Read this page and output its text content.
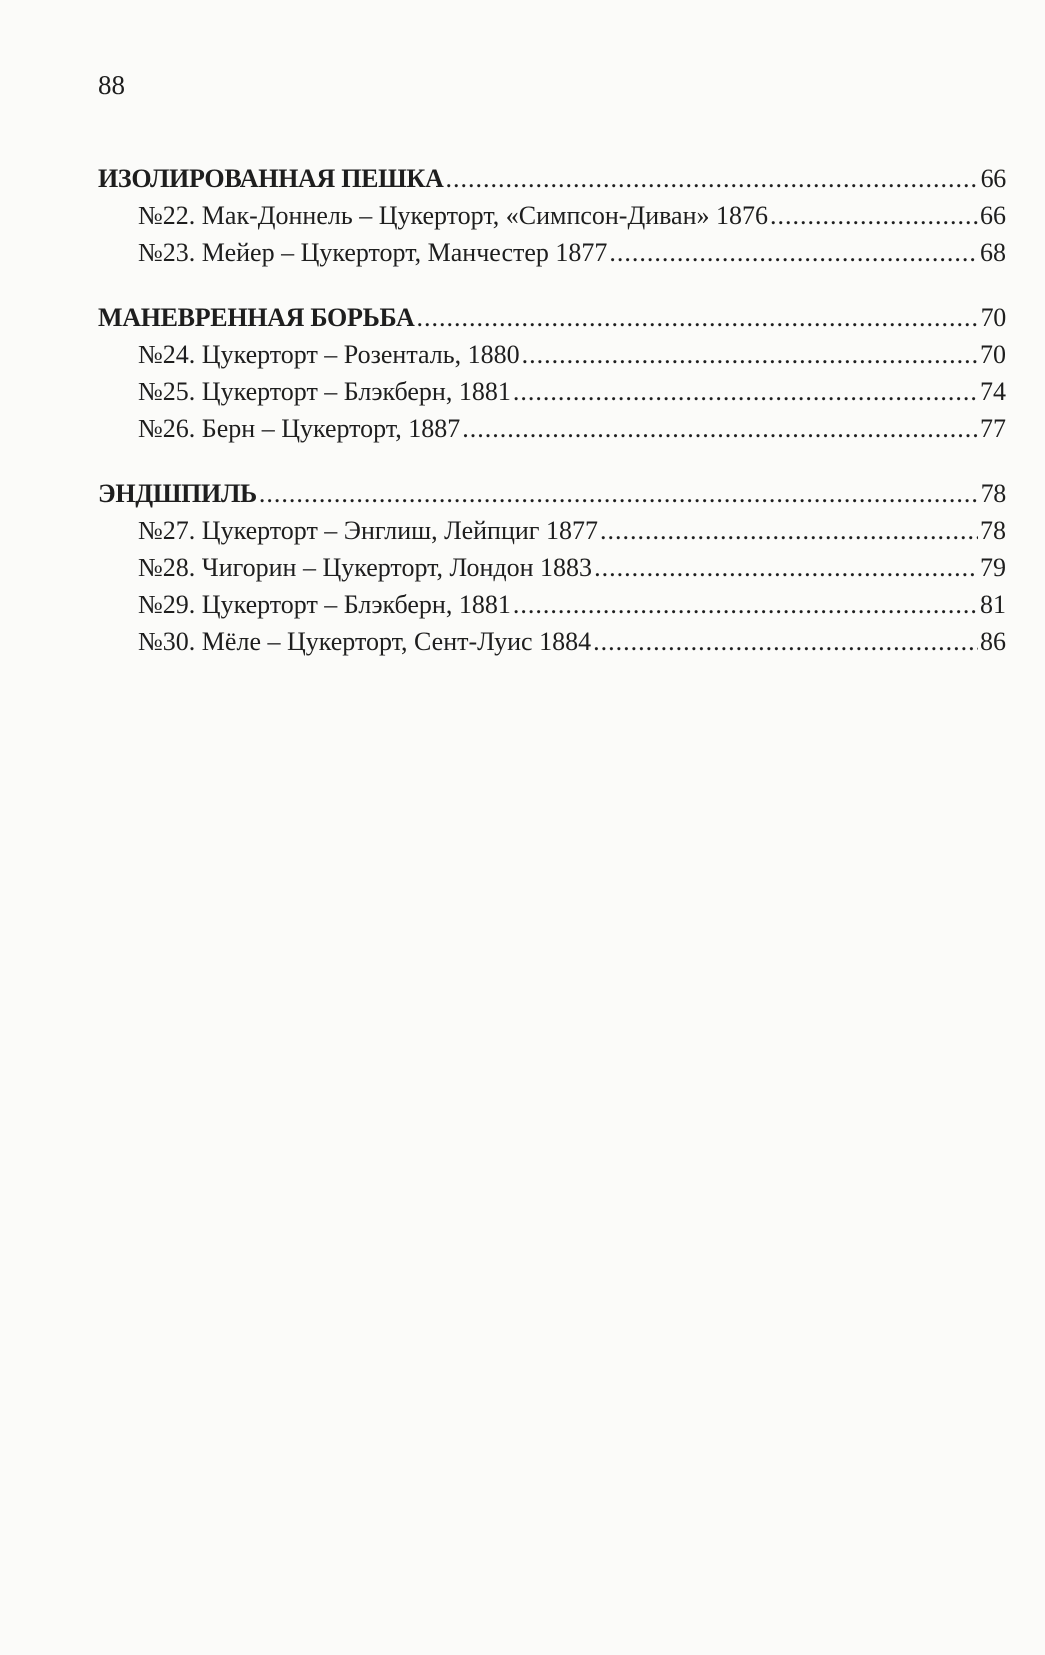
88
ИЗОЛИРОВАННАЯ ПЕШКА .....	66
№22. Мак-Доннель – Цукерторт, «Симпсон-Диван» 1876 .....	66
№23. Мейер – Цукерторт, Манчестер 1877 .....	68
МАНЕВРЕННАЯ БОРЬБА .....	70
№24. Цукерторт – Розенталь, 1880 .....	70
№25. Цукерторт – Блэкберн, 1881 .....	74
№26. Берн – Цукерторт, 1887 .....	77
ЭНДШПИЛЬ .....	78
№27. Цукерторт – Энглиш, Лейпциг 1877 .....	78
№28. Чигорин – Цукерторт, Лондон 1883 .....	79
№29. Цукерторт – Блэкберн, 1881 .....	81
№30. Мёле – Цукерторт, Сент-Луис 1884 .....	86
